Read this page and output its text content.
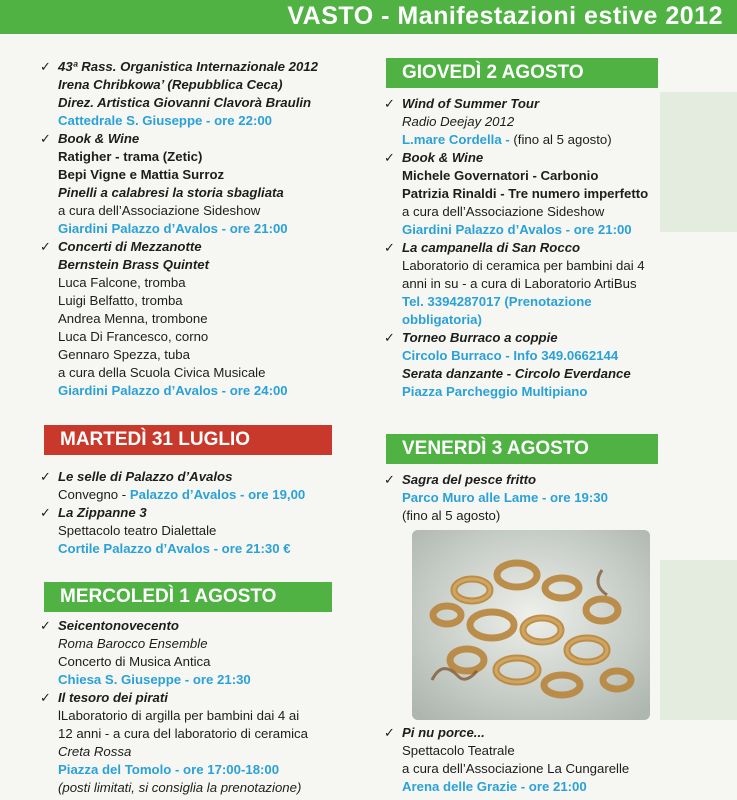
VASTO - Manifestazioni estive 2012
✓ 43ª Rass. Organistica Internazionale 2012
Irena Chribkowa’ (Repubblica Ceca)
Direz. Artistica Giovanni Clavorà Braulin
Cattedrale S. Giuseppe - ore 22:00
✓ Book & Wine
Ratigher - trama (Zetic)
Bepi Vigne e Mattia Surroz
Pinelli a calabresi la storia sbagliata
a cura dell’Associazione Sideshow
Giardini Palazzo d’Avalos - ore 21:00
✓ Concerti di Mezzanotte
Bernstein Brass Quintet
Luca Falcone, tromba
Luigi Belfatto, tromba
Andrea Menna, trombone
Luca Di Francesco, corno
Gennaro Spezza, tuba
a cura della Scuola Civica Musicale
Giardini Palazzo d’Avalos - ore 24:00
MARTEDÌ 31 LUGLIO
✓ Le selle di Palazzo d’Avalos
Convegno - Palazzo d’Avalos - ore 19,00
✓ La Zippanne 3
Spettacolo teatro Dialettale
Cortile Palazzo d’Avalos - ore 21:30 €
MERCOLEDÌ 1 AGOSTO
✓ Seicentonovecento
Roma Barocco Ensemble
Concerto di Musica Antica
Chiesa S. Giuseppe - ore 21:30
✓ Il tesoro dei pirati
lLaboratorio di argilla per bambini dai 4 ai
12 anni - a cura del laboratorio di ceramica
Creta Rossa
Piazza del Tomolo - ore 17:00-18:00
(posti limitati, si consiglia la prenotazione)
GIOVEDÌ 2 AGOSTO
✓ Wind of Summer Tour
Radio Deejay 2012
L.mare Cordella - (fino al 5 agosto)
✓ Book & Wine
Michele Governatori - Carbonio
Patrizia Rinaldi - Tre numero imperfetto
a cura dell’Associazione Sideshow
Giardini Palazzo d’Avalos - ore 21:00
✓ La campanella di San Rocco
Laboratorio di ceramica per bambini dai 4
anni in su - a cura di Laboratorio ArtiBus
Tel. 3394287017 (Prenotazione
obbligatoria)
✓ Torneo Burraco a coppie
Circolo Burraco - Info 349.0662144
Serata danzante - Circolo Everdance
Piazza Parcheggio Multipiano
VENERDÌ 3 AGOSTO
✓ Sagra del pesce fritto
Parco Muro alle Lame - ore 19:30
(fino al 5 agosto)
✓ Pi nu porce...
Spettacolo Teatrale
a cura dell’Associazione La Cungarelle
Arena delle Grazie - ore 21:00
